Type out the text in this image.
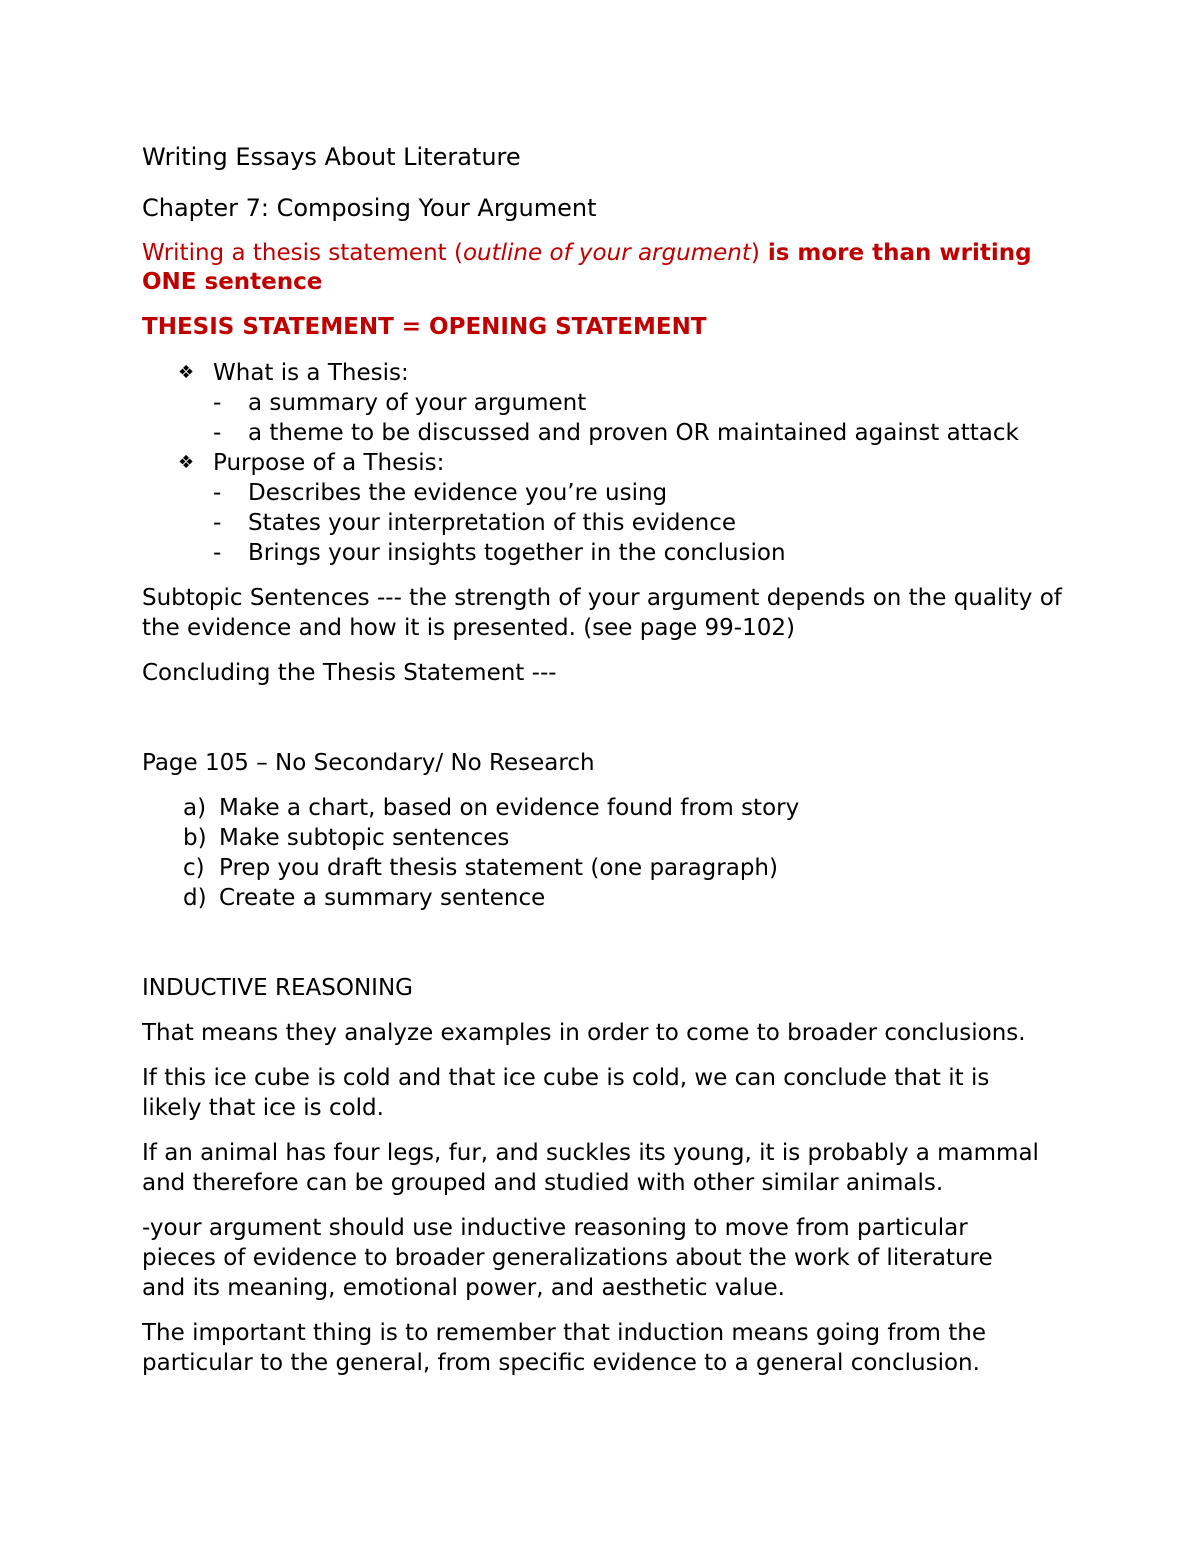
Writing Essays About Literature

Chapter 7: Composing Your Argument

Writing a thesis statement (outline of your argument) is more than writing ONE sentence

THESIS STATEMENT = OPENING STATEMENT

❖ What is a Thesis:
- a summary of your argument
- a theme to be discussed and proven OR maintained against attack
❖ Purpose of a Thesis:
- Describes the evidence you’re using
- States your interpretation of this evidence
- Brings your insights together in the conclusion

Subtopic Sentences --- the strength of your argument depends on the quality of the evidence and how it is presented. (see page 99-102)

Concluding the Thesis Statement ---

Page 105 – No Secondary/ No Research

a) Make a chart, based on evidence found from story
b) Make subtopic sentences
c) Prep you draft thesis statement (one paragraph)
d) Create a summary sentence

INDUCTIVE REASONING

That means they analyze examples in order to come to broader conclusions.

If this ice cube is cold and that ice cube is cold, we can conclude that it is likely that ice is cold.

If an animal has four legs, fur, and suckles its young, it is probably a mammal and therefore can be grouped and studied with other similar animals.

-your argument should use inductive reasoning to move from particular pieces of evidence to broader generalizations about the work of literature and its meaning, emotional power, and aesthetic value.

The important thing is to remember that induction means going from the particular to the general, from specific evidence to a general conclusion.
